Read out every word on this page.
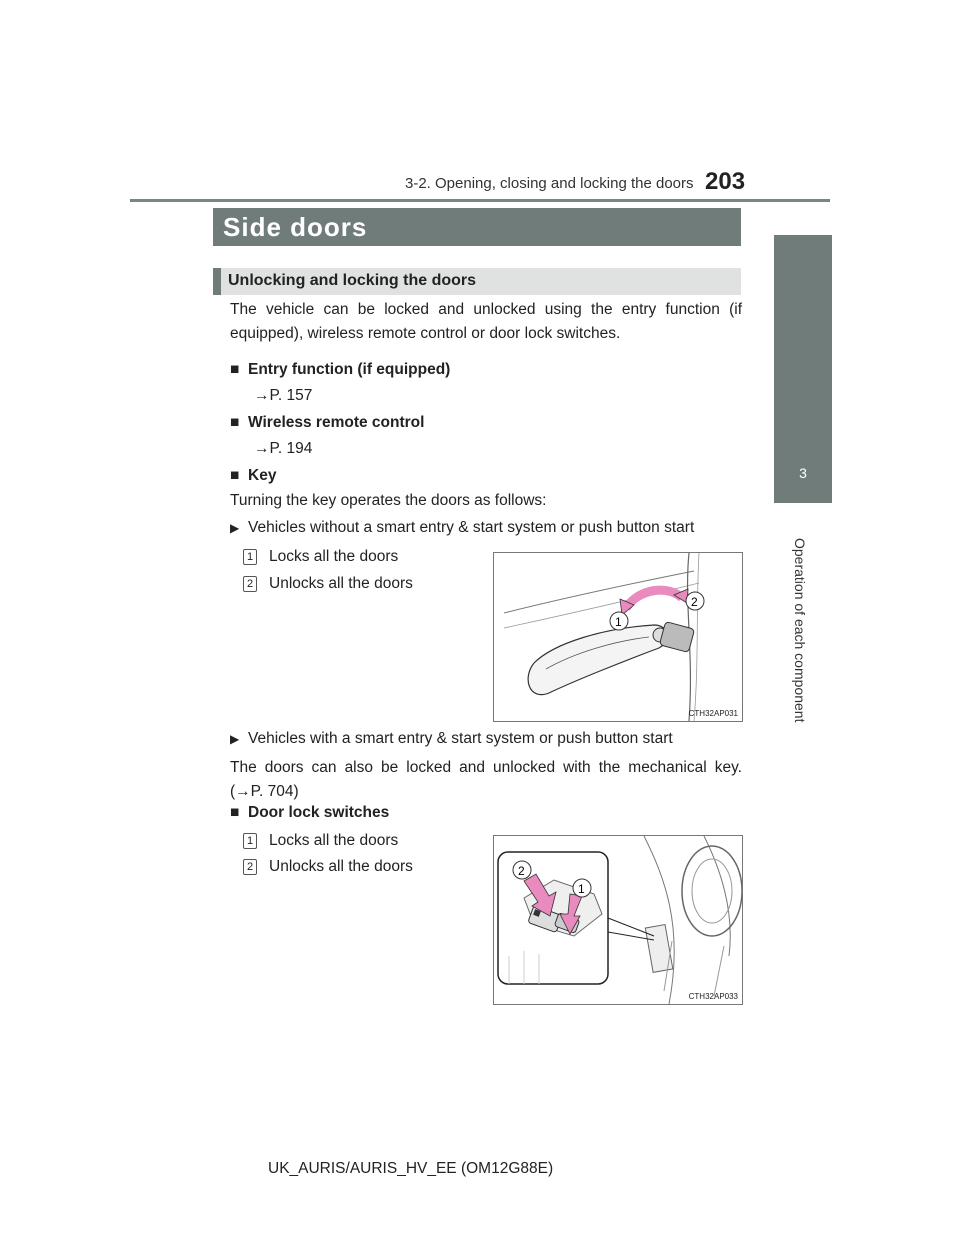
3-2. Opening, closing and locking the doors 203
3
Operation of each component
Side doors
Unlocking and locking the doors
The vehicle can be locked and unlocked using the entry function (if
equipped), wireless remote control or door lock switches.
■ Entry function (if equipped)
→P. 157
■ Wireless remote control
→P. 194
■ Key
Turning the key operates the doors as follows:
▶ Vehicles without a smart entry & start system or push button start
1 Locks all the doors
2 Unlocks all the doors
1
2
CTH32AP031
▶ Vehicles with a smart entry & start system or push button start
The doors can also be locked and unlocked with the mechanical key.
(→P. 704)
■ Door lock switches
1 Locks all the doors
2 Unlocks all the doors	2
1
CTH32AP033
UK_AURIS/AURIS_HV_EE (OM12G88E)
